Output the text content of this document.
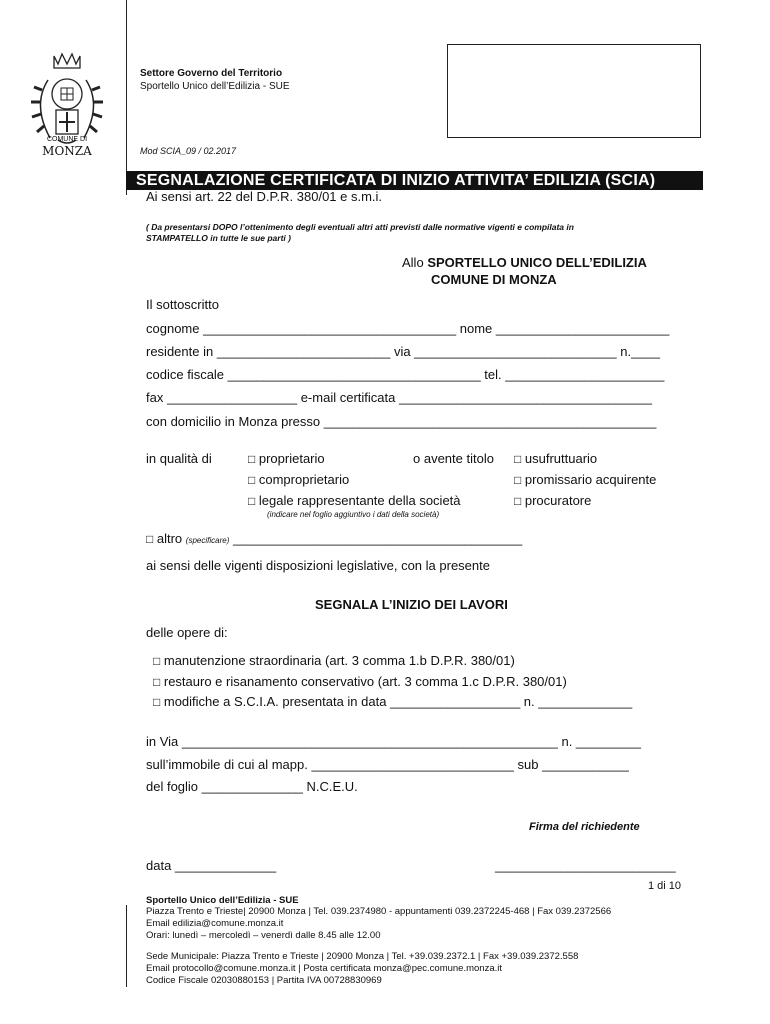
COMUNE DI
MONZA
Settore Governo del Territorio
Sportello Unico dell’Edilizia - SUE
Mod SCIA_09 / 02.2017
SEGNALAZIONE CERTIFICATA DI INIZIO ATTIVITA’ EDILIZIA (SCIA)
Ai sensi art. 22 del D.P.R. 380/01 e s.m.i.
( Da presentarsi DOPO l’ottenimento degli eventuali altri atti previsti dalle normative vigenti e compilata in
STAMPATELLO in tutte le sue parti )
Allo SPORTELLO UNICO DELL’EDILIZIA
COMUNE DI MONZA
Il sottoscritto
cognome ___________________________________ nome ________________________
residente in ________________________ via ____________________________ n.____
codice fiscale ___________________________________ tel. ______________________
fax __________________ e-mail certificata ___________________________________
con domicilio in Monza presso ______________________________________________
in qualità di	□ proprietario	o avente titolo □ usufruttuario
□ comproprietario	□ promissario acquirente
□ legale rappresentante della società	□ procuratore
(indicare nel foglio aggiuntivo i dati della società)
□ altro (specificare) ________________________________________
ai sensi delle vigenti disposizioni legislative, con la presente
SEGNALA L’INIZIO DEI LAVORI
delle opere di:
□ manutenzione straordinaria (art. 3 comma 1.b D.P.R. 380/01)
□ restauro e risanamento conservativo (art. 3 comma 1.c D.P.R. 380/01)
□ modifiche a S.C.I.A. presentata in data __________________ n. _____________
in Via ____________________________________________________ n. _________
sull’immobile di cui al mapp. ____________________________ sub ____________
del foglio ______________ N.C.E.U.
Firma del richiedente
data ______________	_________________________
1 di 10
Sportello Unico dell’Edilizia - SUE
Piazza Trento e Trieste| 20900 Monza | Tel. 039.2374980 - appuntamenti 039.2372245-468 | Fax 039.2372566
Email edilizia@comune.monza.it
Orari: lunedì – mercoledì – venerdì dalle 8.45 alle 12.00
Sede Municipale: Piazza Trento e Trieste | 20900 Monza | Tel. +39.039.2372.1 | Fax +39.039.2372.558
Email protocollo@comune.monza.it | Posta certificata monza@pec.comune.monza.it
Codice Fiscale 02030880153 | Partita IVA 00728830969
